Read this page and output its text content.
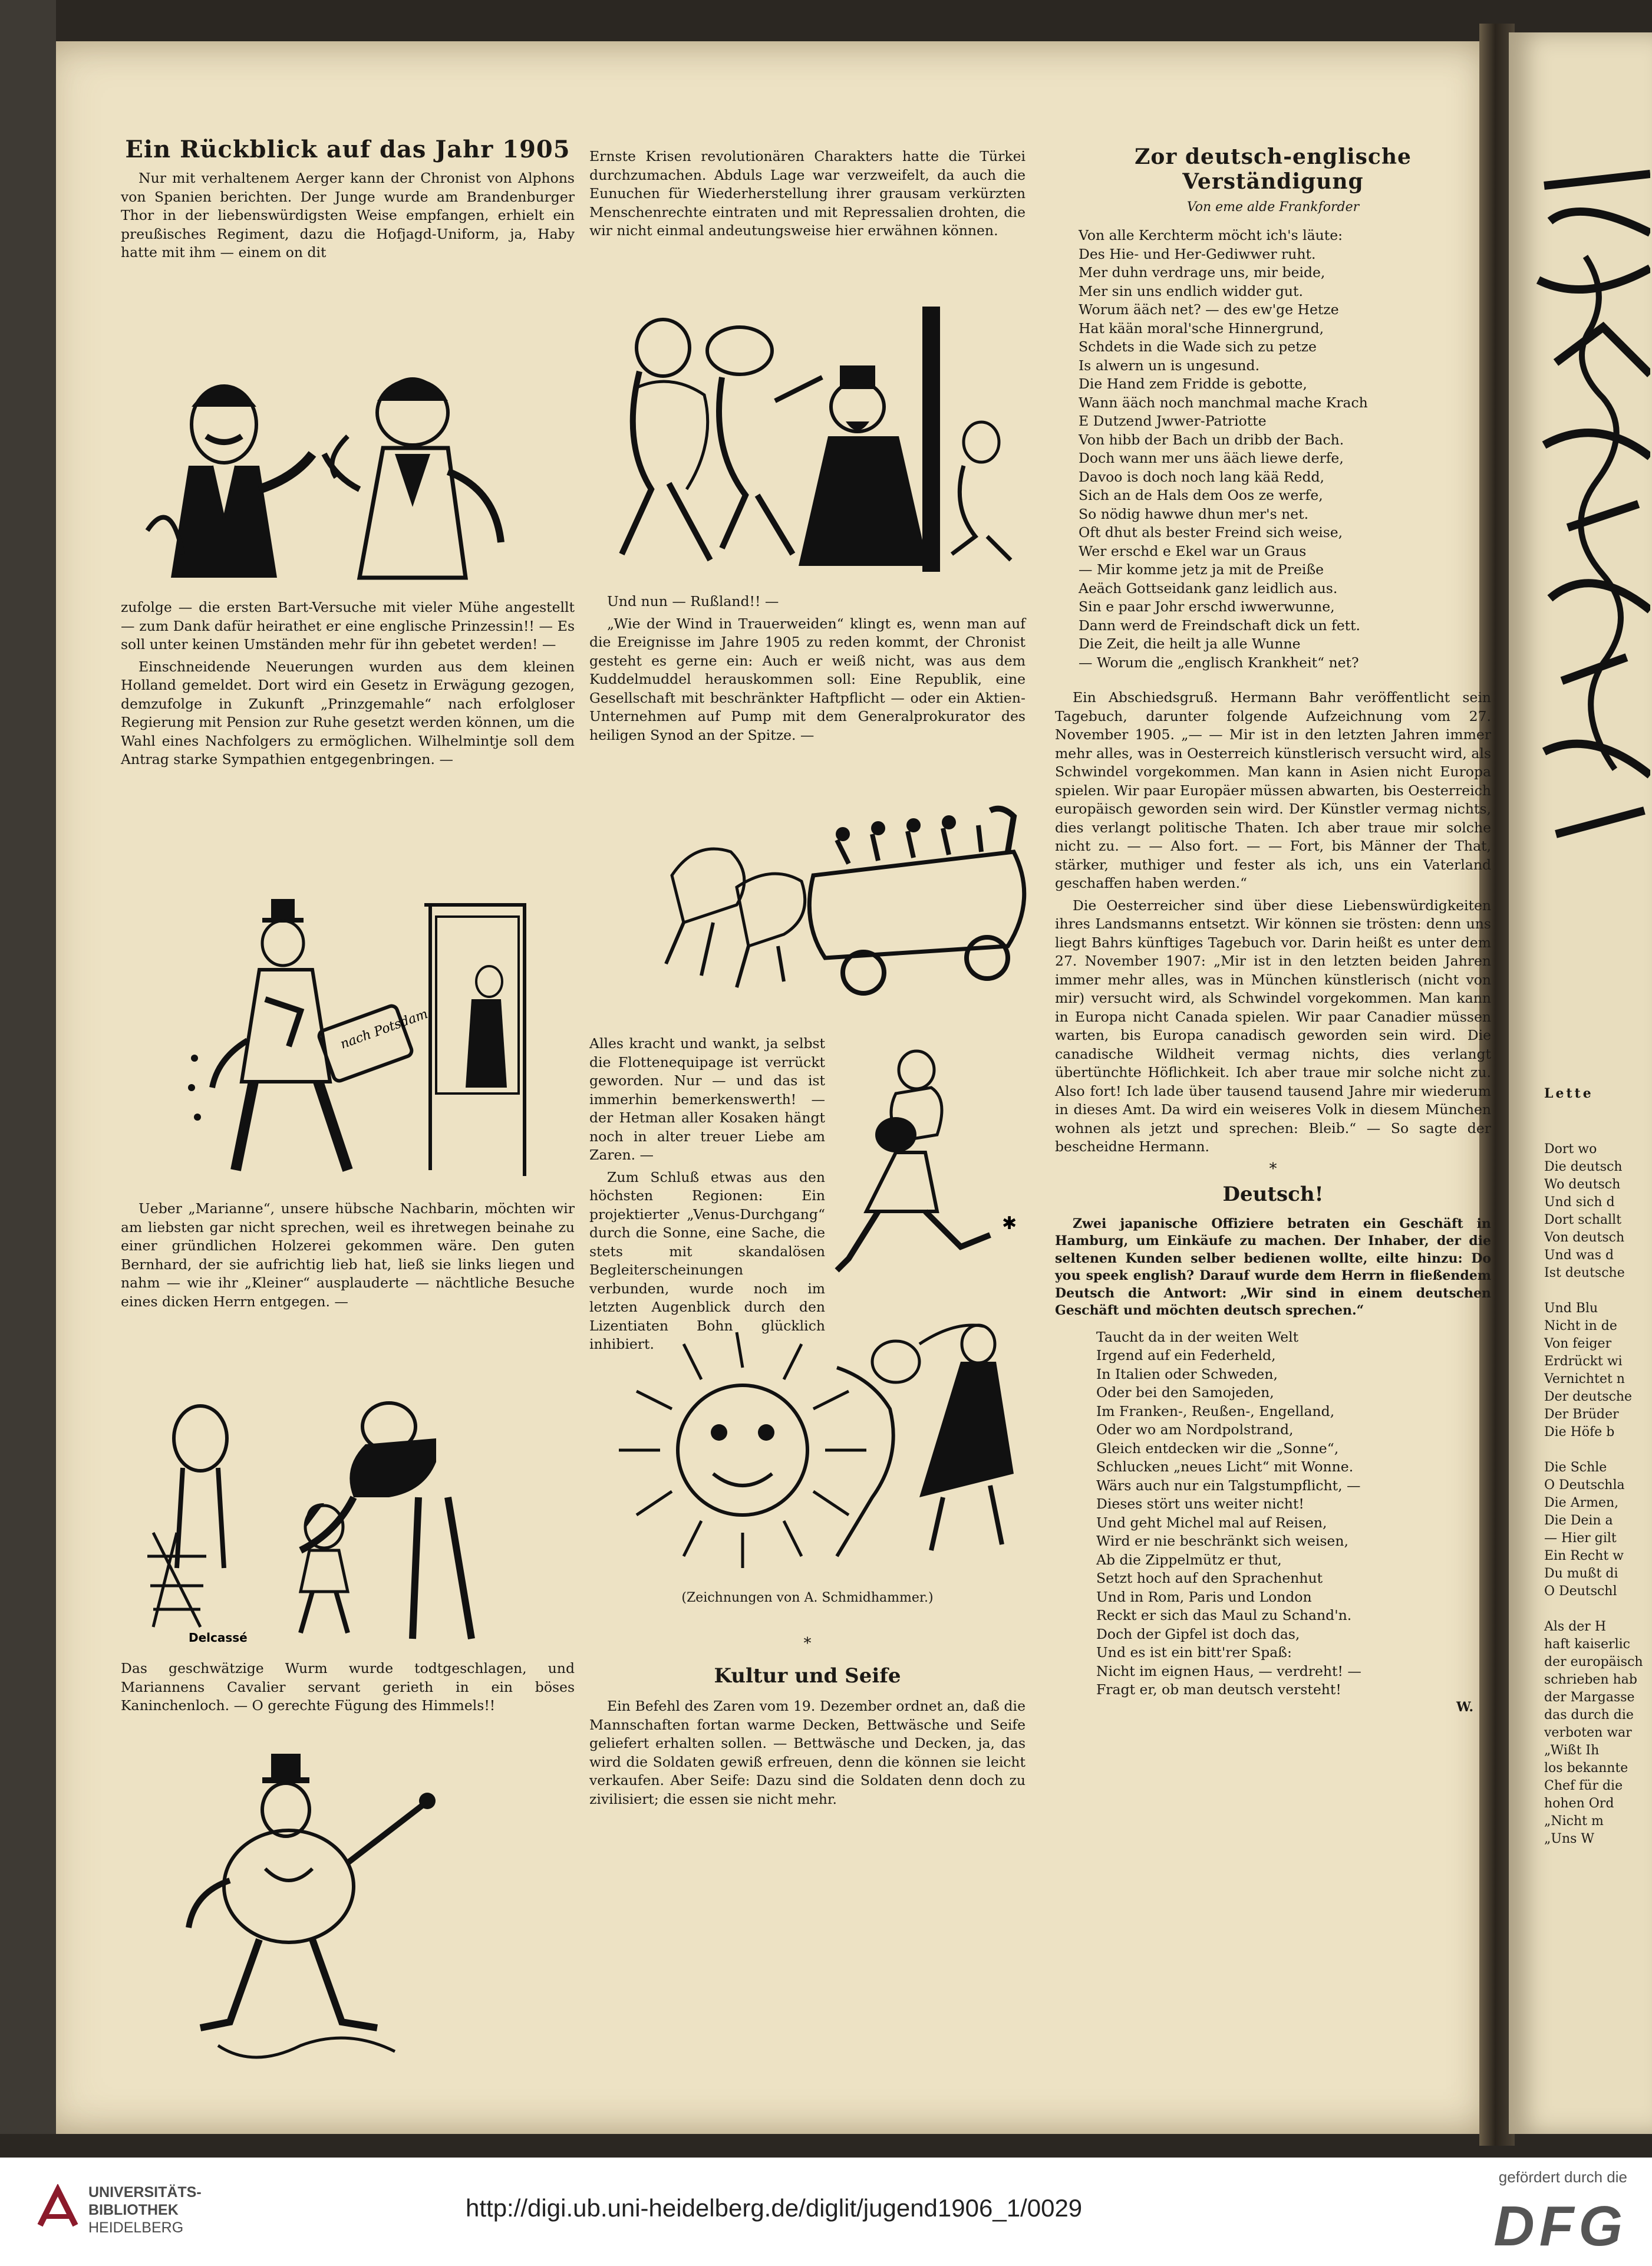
Lette
Dort wo
Die deutsch
Wo deutsch
Und sich d
Dort schallt
Von deutsch
Und was d
Ist deutsche
Und Blu
Nicht in de
Von feiger
Erdrückt wi
Vernichtet n
Der deutsche
Der Brüder
Die Höfe b
Die Schle
O Deutschla
Die Armen,
Die Dein a
— Hier gilt
Ein Recht w
Du mußt di
O Deutschl
Als der H
haft kaiserlic
der europäisch
schrieben hab
der Margasse
das durch die
verboten war
„Wißt Ih
los bekannte
Chef für die
hohen Ord
„Nicht m
„Uns W
Ein Rückblick auf das Jahr 1905

Nur mit verhaltenem Aerger kann der Chronist von Alphons von Spanien berichten. Der Junge wurde am Brandenburger Thor in der liebenswürdigsten Weise empfangen, erhielt ein preußisches Regiment, dazu die Hofjagd-Uniform, ja, Haby hatte mit ihm — einem on dit

zufolge — die ersten Bart-Versuche mit vieler Mühe angestellt — zum Dank dafür heirathet er eine englische Prinzessin!! — Es soll unter keinen Umständen mehr für ihn gebetet werden! —

Einschneidende Neuerungen wurden aus dem kleinen Holland gemeldet. Dort wird ein Gesetz in Erwägung gezogen, demzufolge in Zukunft „Prinzgemahle“ nach erfolgloser Regierung mit Pension zur Ruhe gesetzt werden können, um die Wahl eines Nachfolgers zu ermöglichen. Wilhelmintje soll dem Antrag starke Sympathien entgegenbringen. —

nach Potsdam

Ueber „Marianne“, unsere hübsche Nachbarin, möchten wir am liebsten gar nicht sprechen, weil es ihretwegen beinahe zu einer gründlichen Holzerei gekommen wäre. Den guten Bernhard, der sie aufrichtig lieb hat, ließ sie links liegen und nahm — wie ihr „Kleiner“ ausplauderte — nächtliche Besuche eines dicken Herrn entgegen. —

Delcassé

Das geschwätzige Wurm wurde todtgeschlagen, und Mariannens Cavalier servant gerieth in ein böses Kaninchenloch. — O gerechte Fügung des Himmels!!

Ernste Krisen revolutionären Charakters hatte die Türkei durchzumachen. Abduls Lage war verzweifelt, da auch die Eunuchen für Wiederherstellung ihrer grausam verkürzten Menschenrechte eintraten und mit Repressalien drohten, die wir nicht einmal andeutungsweise hier erwähnen können.

Und nun — Rußland!! —

„Wie der Wind in Trauerweiden“ klingt es, wenn man auf die Ereignisse im Jahre 1905 zu reden kommt, der Chronist gesteht es gerne ein: Auch er weiß nicht, was aus dem Kuddelmuddel herauskommen soll: Eine Republik, eine Gesellschaft mit beschränkter Haftpflicht — oder ein Aktien-Unternehmen auf Pump mit dem Generalprokurator des heiligen Synod an der Spitze. —

Alles kracht und wankt, ja selbst die Flottenequipage ist verrückt geworden. Nur — und das ist immerhin bemerkenswerth! — der Hetman aller Kosaken hängt noch in alter treuer Liebe am Zaren. —

Zum Schluß etwas aus den höchsten Regionen: Ein projektierter „Venus-Durchgang“ durch die Sonne, eine Sache, die stets mit skandalösen Begleiterscheinungen verbunden, wurde noch im letzten Augenblick durch den Lizentiaten Bohn glücklich inhibiert.

✱
(Zeichnungen von A. Schmidhammer.)
*
Kultur und Seife

Ein Befehl des Zaren vom 19. Dezember ordnet an, daß die Mannschaften fortan warme Decken, Bettwäsche und Seife geliefert erhalten sollen. — Bettwäsche und Decken, ja, das wird die Soldaten gewiß erfreuen, denn die können sie leicht verkaufen. Aber Seife: Dazu sind die Soldaten denn doch zu zivilisiert; die essen sie nicht mehr.

Zor deutsch-englische Verständigung
Von eme alde Frankforder
Von alle Kerchterm möcht ich's läute:
Des Hie- und Her-Gediwwer ruht.
Mer duhn verdrage uns, mir beide,
Mer sin uns endlich widder gut.
Worum ääch net? — des ew'ge Hetze
Hat kään moral'sche Hinnergrund,
Schdets in die Wade sich zu petze
Is alwern un is ungesund.
Die Hand zem Fridde is gebotte,
Wann ääch noch manchmal mache Krach
E Dutzend Jwwer-Patriotte
Von hibb der Bach un dribb der Bach.
Doch wann mer uns ääch liewe derfe,
Davoo is doch noch lang kää Redd,
Sich an de Hals dem Oos ze werfe,
So nödig hawwe dhun mer's net.
Oft dhut als bester Freind sich weise,
Wer erschd e Ekel war un Graus
— Mir komme jetz ja mit de Preiße
Aeäch Gottseidank ganz leidlich aus.
Sin e paar Johr erschd iwwerwunne,
Dann werd de Freindschaft dick un fett.
Die Zeit, die heilt ja alle Wunne
— Worum die „englisch Krankheit“ net?

Ein Abschiedsgruß. Hermann Bahr veröffentlicht sein Tagebuch, darunter folgende Aufzeichnung vom 27. November 1905. „— — Mir ist in den letzten Jahren immer mehr alles, was in Oesterreich künstlerisch versucht wird, als Schwindel vorgekommen. Man kann in Asien nicht Europa spielen. Wir paar Europäer müssen abwarten, bis Oesterreich europäisch geworden sein wird. Der Künstler vermag nichts, dies verlangt politische Thaten. Ich aber traue mir solche nicht zu. — — Also fort. — — Fort, bis Männer der That, stärker, muthiger und fester als ich, uns ein Vaterland geschaffen haben werden.“

Die Oesterreicher sind über diese Liebenswürdigkeiten ihres Landsmanns entsetzt. Wir können sie trösten: denn uns liegt Bahrs künftiges Tagebuch vor. Darin heißt es unter dem 27. November 1907: „Mir ist in den letzten beiden Jahren immer mehr alles, was in München künstlerisch (nicht von mir) versucht wird, als Schwindel vorgekommen. Man kann in Europa nicht Canada spielen. Wir paar Canadier müssen warten, bis Europa canadisch geworden sein wird. Die canadische Wildheit vermag nichts, dies verlangt übertünchte Höflichkeit. Ich aber traue mir solche nicht zu. Also fort! Ich lade über tausend tausend Jahre mir wiederum in dieses Amt. Da wird ein weiseres Volk in diesem München wohnen als jetzt und sprechen: Bleib.“ — So sagte der bescheidne Hermann.

*
Deutsch!

Zwei japanische Offiziere betraten ein Geschäft in Hamburg, um Einkäufe zu machen. Der Inhaber, der die seltenen Kunden selber bedienen wollte, eilte hinzu: Do you speek english? Darauf wurde dem Herrn in fließendem Deutsch die Antwort: „Wir sind in einem deutschen Geschäft und möchten deutsch sprechen.“

Taucht da in der weiten Welt
Irgend auf ein Federheld,
In Italien oder Schweden,
Oder bei den Samojeden,
Im Franken-, Reußen-, Engelland,
Oder wo am Nordpolstrand,
Gleich entdecken wir die „Sonne“,
Schlucken „neues Licht“ mit Wonne.
Wärs auch nur ein Talgstumpflicht, —
Dieses stört uns weiter nicht!
Und geht Michel mal auf Reisen,
Wird er nie beschränkt sich weisen,
Ab die Zippelmütz er thut,
Setzt hoch auf den Sprachenhut
Und in Rom, Paris und London
Reckt er sich das Maul zu Schand'n.
Doch der Gipfel ist doch das,
Und es ist ein bitt'rer Spaß:
Nicht im eignen Haus, — verdreht! —
Fragt er, ob man deutsch versteht!
W.
UNIVERSITÄTS-
BIBLIOTHEK
HEIDELBERG
http://digi.ub.uni-heidelberg.de/diglit/jugend1906_1/0029
gefördert durch die
DFG
